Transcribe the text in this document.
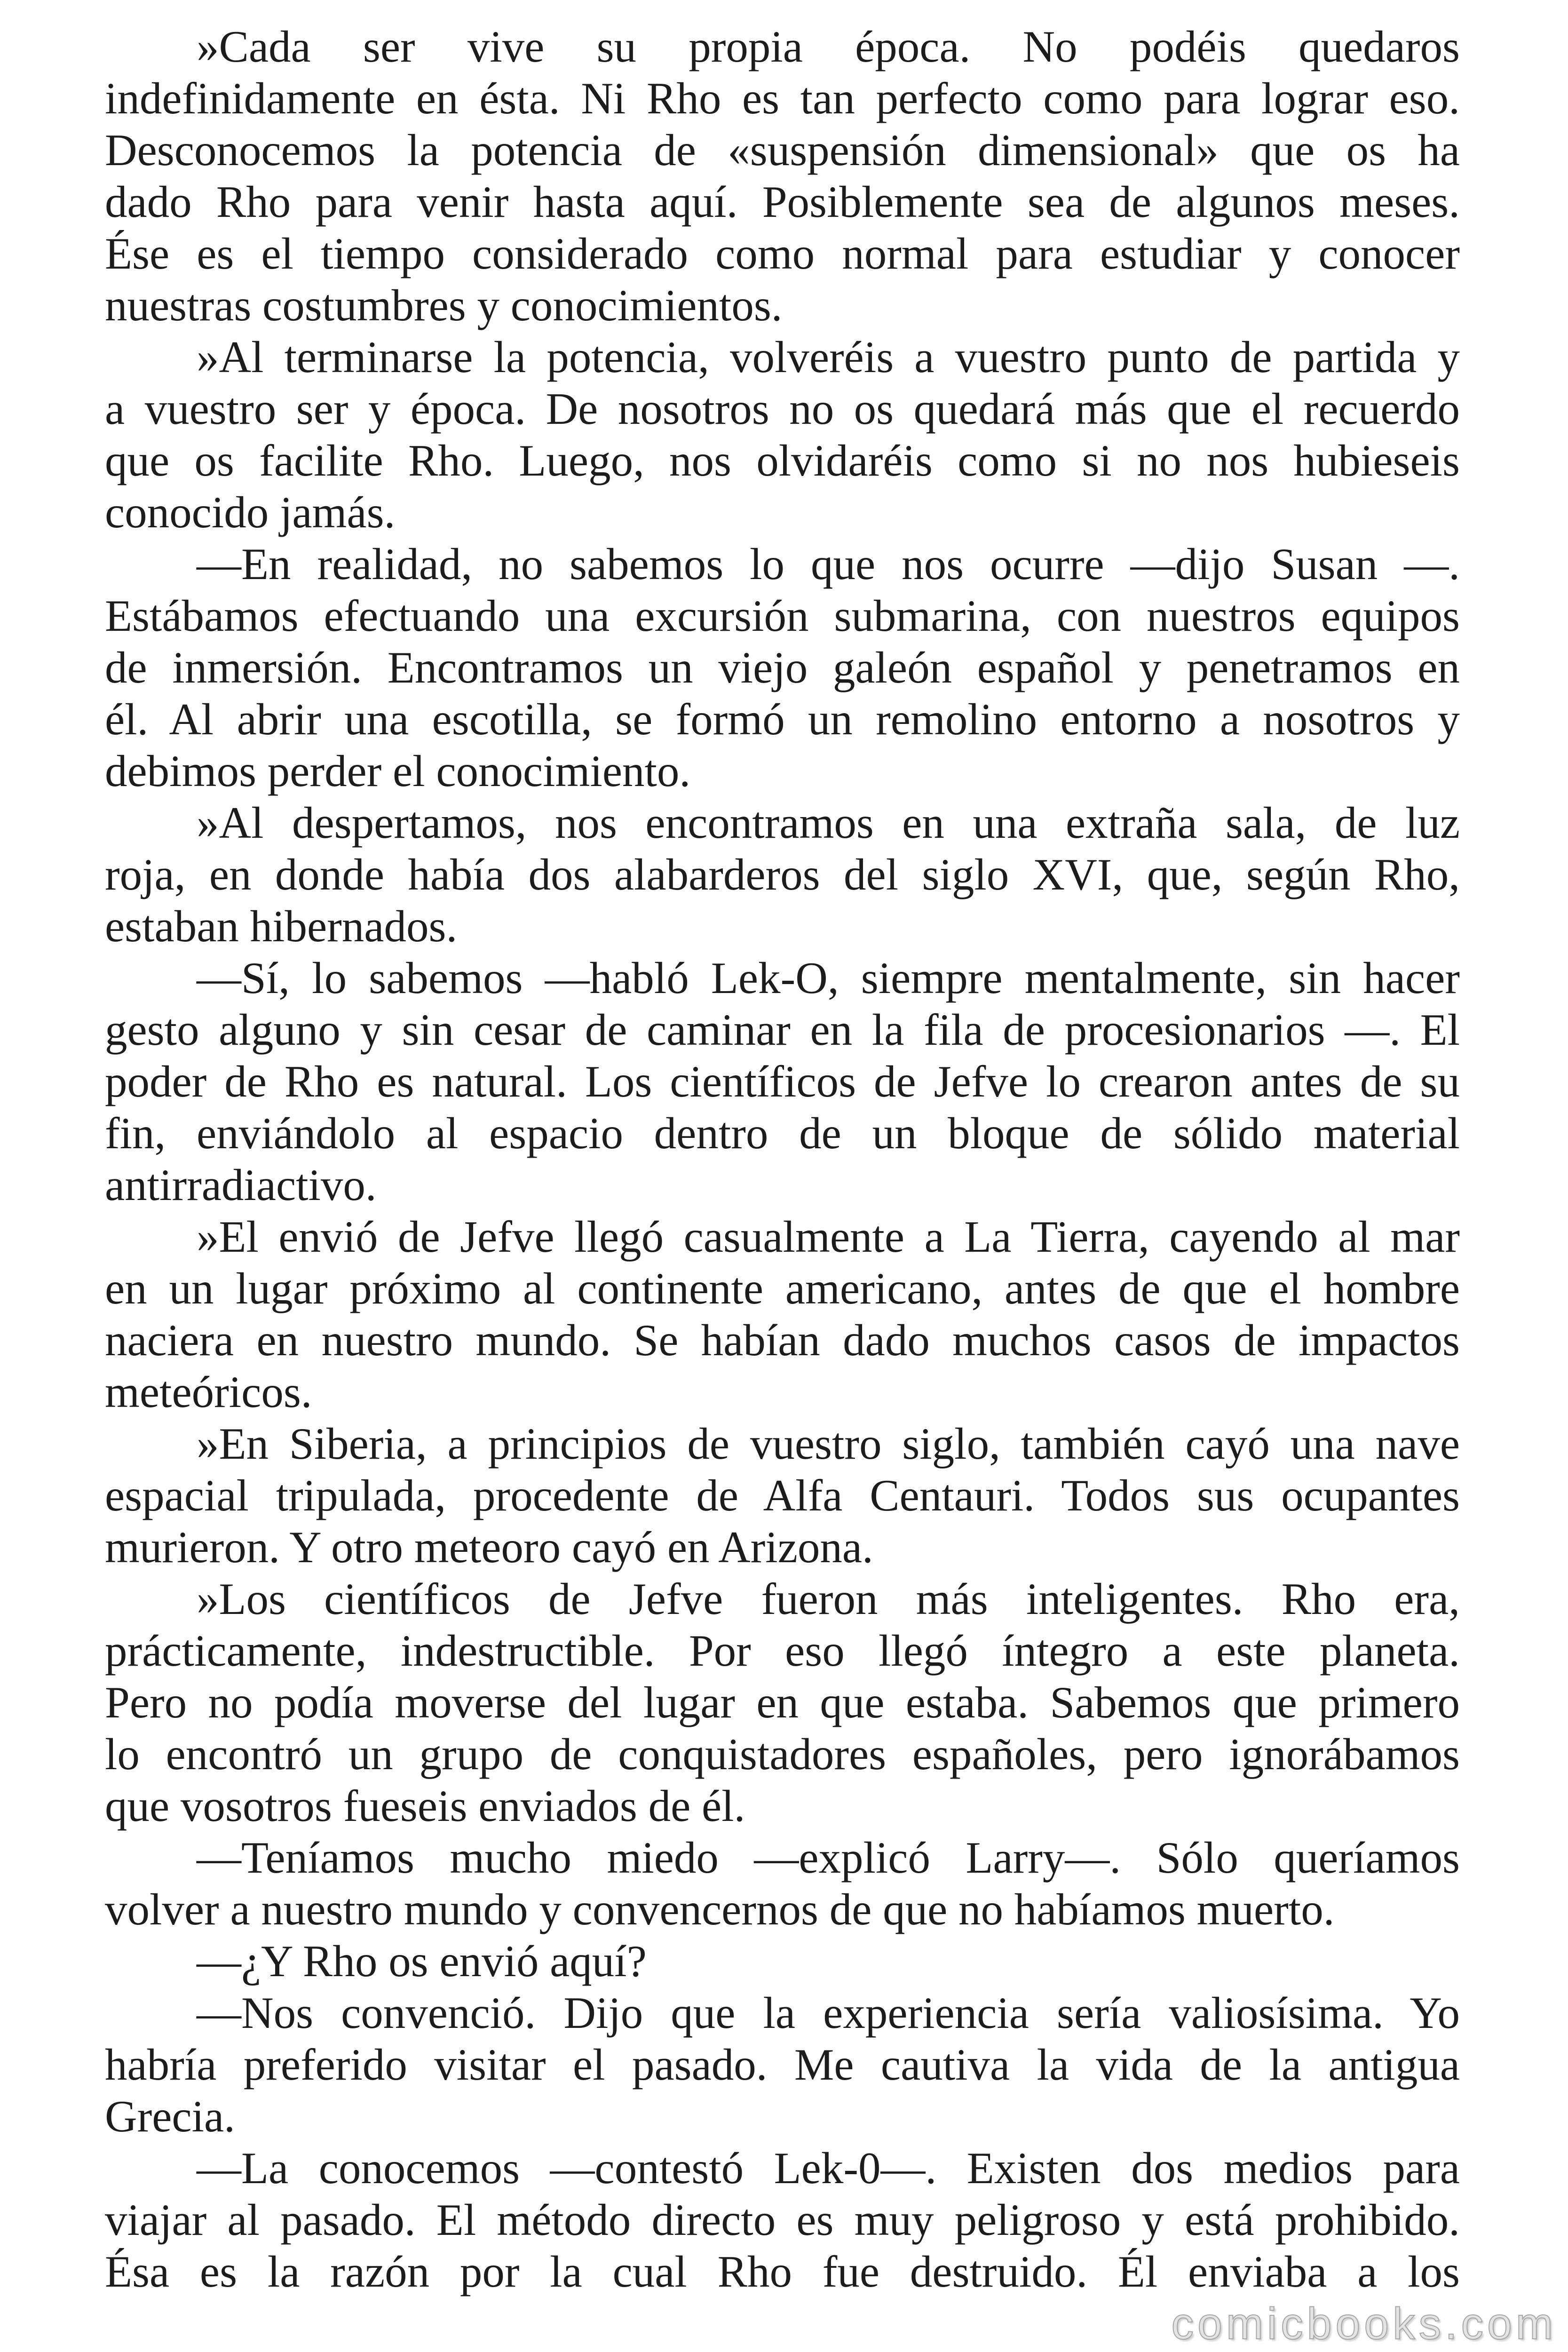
»Cada ser vive su propia época. No podéis quedaros
indefinidamente en ésta. Ni Rho es tan perfecto como para lograr eso.
Desconocemos la potencia de «suspensión dimensional» que os ha
dado Rho para venir hasta aquí. Posiblemente sea de algunos meses.
Ése es el tiempo considerado como normal para estudiar y conocer
nuestras costumbres y conocimientos.
»Al terminarse la potencia, volveréis a vuestro punto de partida y
a vuestro ser y época. De nosotros no os quedará más que el recuerdo
que os facilite Rho. Luego, nos olvidaréis como si no nos hubieseis
conocido jamás.
—En realidad, no sabemos lo que nos ocurre —dijo Susan —.
Estábamos efectuando una excursión submarina, con nuestros equipos
de inmersión. Encontramos un viejo galeón español y penetramos en
él. Al abrir una escotilla, se formó un remolino entorno a nosotros y
debimos perder el conocimiento.
»Al despertamos, nos encontramos en una extraña sala, de luz
roja, en donde había dos alabarderos del siglo XVI, que, según Rho,
estaban hibernados.
—Sí, lo sabemos —habló Lek-O, siempre mentalmente, sin hacer
gesto alguno y sin cesar de caminar en la fila de procesionarios —. El
poder de Rho es natural. Los científicos de Jefve lo crearon antes de su
fin, enviándolo al espacio dentro de un bloque de sólido material
antirradiactivo.
»El envió de Jefve llegó casualmente a La Tierra, cayendo al mar
en un lugar próximo al continente americano, antes de que el hombre
naciera en nuestro mundo. Se habían dado muchos casos de impactos
meteóricos.
»En Siberia, a principios de vuestro siglo, también cayó una nave
espacial tripulada, procedente de Alfa Centauri. Todos sus ocupantes
murieron. Y otro meteoro cayó en Arizona.
»Los científicos de Jefve fueron más inteligentes. Rho era,
prácticamente, indestructible. Por eso llegó íntegro a este planeta.
Pero no podía moverse del lugar en que estaba. Sabemos que primero
lo encontró un grupo de conquistadores españoles, pero ignorábamos
que vosotros fueseis enviados de él.
—Teníamos mucho miedo —explicó Larry—. Sólo queríamos
volver a nuestro mundo y convencernos de que no habíamos muerto.
—¿Y Rho os envió aquí?
—Nos convenció. Dijo que la experiencia sería valiosísima. Yo
habría preferido visitar el pasado. Me cautiva la vida de la antigua
Grecia.
—La conocemos —contestó Lek-0—. Existen dos medios para
viajar al pasado. El método directo es muy peligroso y está prohibido.
Ésa es la razón por la cual Rho fue destruido. Él enviaba a los
comicbooks.com
